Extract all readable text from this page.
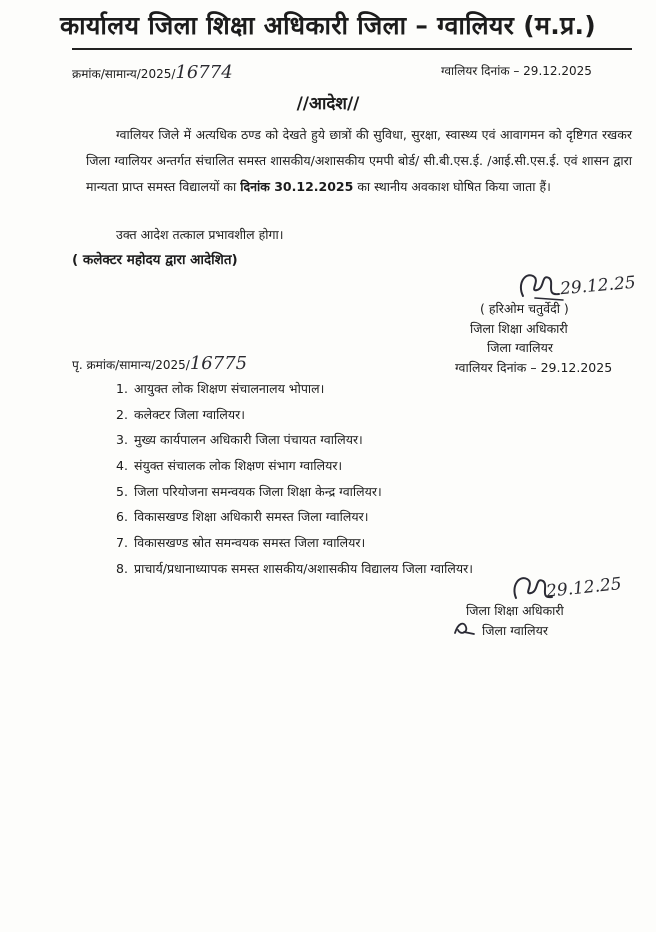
कार्यालय जिला शिक्षा अधिकारी जिला – ग्वालियर (म.प्र.)
क्रमांक/सामान्य/2025/16774	ग्वालियर दिनांक – 29.12.2025
//आदेश//
ग्वालियर जिले में अत्यधिक ठण्ड को देखते हुये छात्रों की सुविधा, सुरक्षा, स्वास्थ्य एवं आवागमन को दृष्टिगत रखकर जिला ग्वालियर अन्तर्गत संचालित समस्त शासकीय/अशासकीय एमपी बोर्ड/ सी.बी.एस.ई. /आई.सी.एस.ई. एवं शासन द्वारा मान्यता प्राप्त समस्त विद्यालयों का दिनांक 30.12.2025 का स्थानीय अवकाश घोषित किया जाता हैं।
उक्त आदेश तत्काल प्रभावशील होगा।
( कलेक्टर महोदय द्वारा आदेशित)
29.12.25
( हरिओम चतुर्वेदी )
जिला शिक्षा अधिकारी
जिला ग्वालियर
ग्वालियर दिनांक – 29.12.2025
पृ. क्रमांक/सामान्य/2025/16775
1. आयुक्त लोक शिक्षण संचालनालय भोपाल।
2. कलेक्टर जिला ग्वालियर।
3. मुख्य कार्यपालन अधिकारी जिला पंचायत ग्वालियर।
4. संयुक्त संचालक लोक शिक्षण संभाग ग्वालियर।
5. जिला परियोजना समन्वयक जिला शिक्षा केन्द्र ग्वालियर।
6. विकासखण्ड शिक्षा अधिकारी समस्त जिला ग्वालियर।
7. विकासखण्ड स्रोत समन्वयक समस्त जिला ग्वालियर।
8. प्राचार्य/प्रधानाध्यापक समस्त शासकीय/अशासकीय विद्यालय जिला ग्वालियर।
29.12.25
जिला शिक्षा अधिकारी
जिला ग्वालियर
